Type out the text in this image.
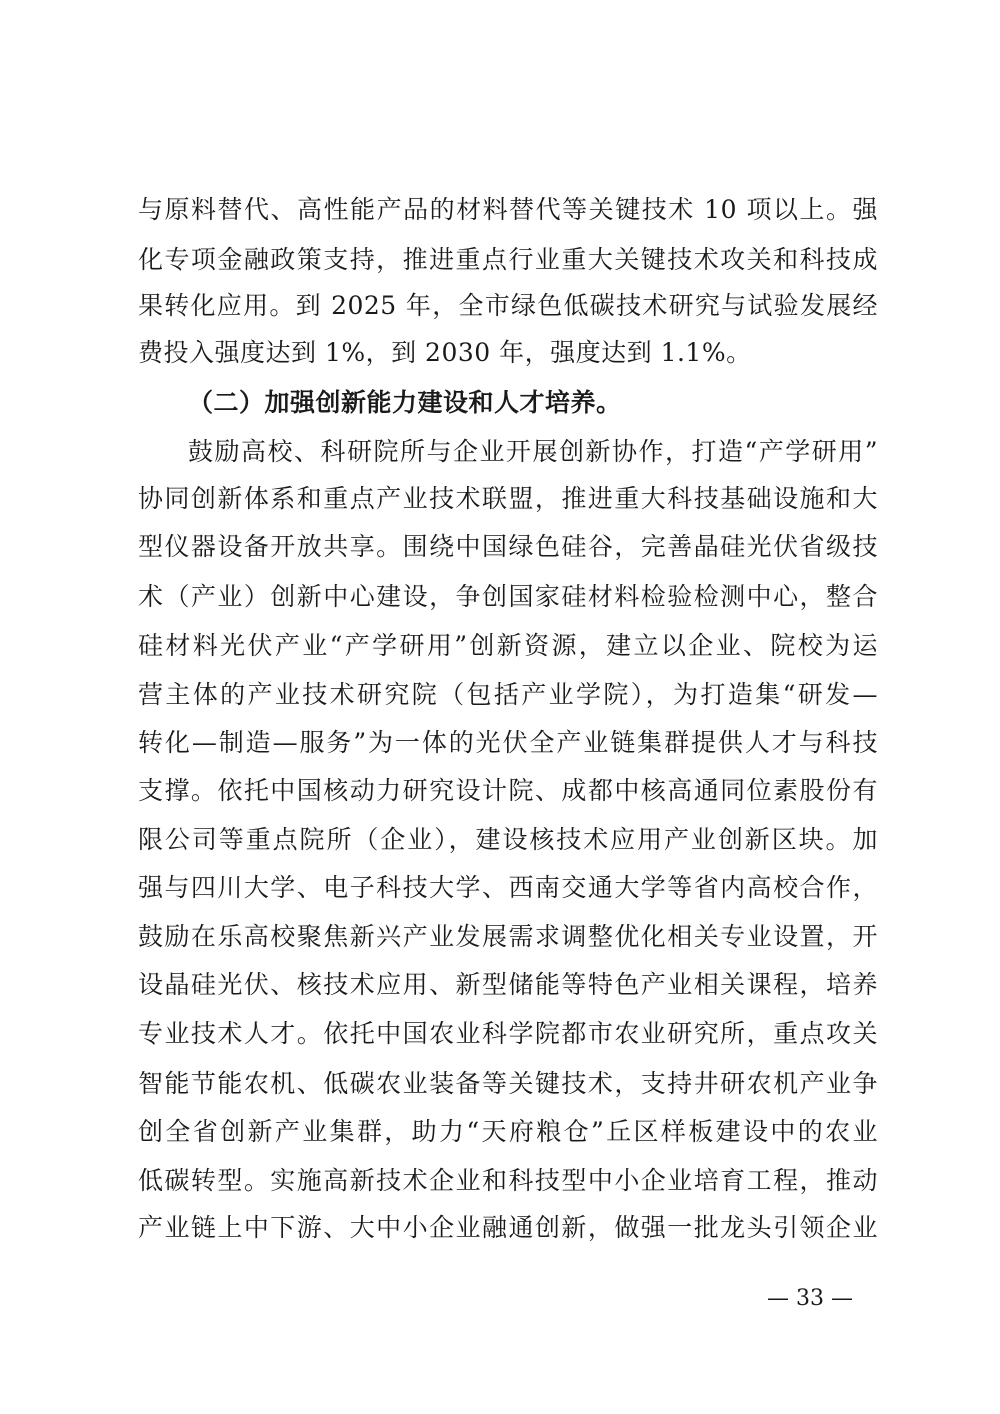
与原料替代、高性能产品的材料替代等关键技术 10 项以上。强
化专项金融政策支持，推进重点行业重大关键技术攻关和科技成
果转化应用。到 2025 年，全市绿色低碳技术研究与试验发展经
费投入强度达到 1%，到 2030 年，强度达到 1.1%。
（二）加强创新能力建设和人才培养。
鼓励高校、科研院所与企业开展创新协作，打造“产学研用”
协同创新体系和重点产业技术联盟，推进重大科技基础设施和大
型仪器设备开放共享。围绕中国绿色硅谷，完善晶硅光伏省级技
术（产业）创新中心建设，争创国家硅材料检验检测中心，整合
硅材料光伏产业“产学研用”创新资源，建立以企业、院校为运
营主体的产业技术研究院（包括产业学院），为打造集“研发—
转化—制造—服务”为一体的光伏全产业链集群提供人才与科技
支撑。依托中国核动力研究设计院、成都中核高通同位素股份有
限公司等重点院所（企业），建设核技术应用产业创新区块。加
强与四川大学、电子科技大学、西南交通大学等省内高校合作，
鼓励在乐高校聚焦新兴产业发展需求调整优化相关专业设置，开
设晶硅光伏、核技术应用、新型储能等特色产业相关课程，培养
专业技术人才。依托中国农业科学院都市农业研究所，重点攻关
智能节能农机、低碳农业装备等关键技术，支持井研农机产业争
创全省创新产业集群，助力“天府粮仓”丘区样板建设中的农业
低碳转型。实施高新技术企业和科技型中小企业培育工程，推动
产业链上中下游、大中小企业融通创新，做强一批龙头引领企业
— 33 —
